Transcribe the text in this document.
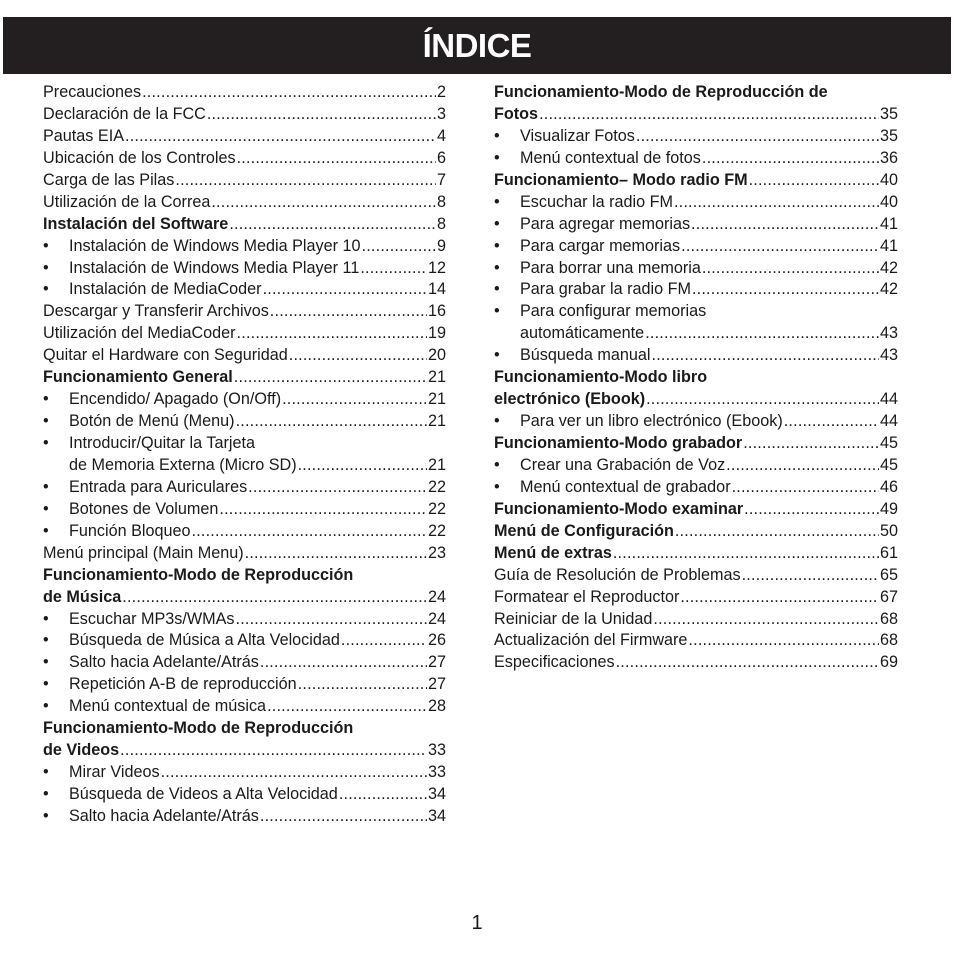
ÍNDICE
Precauciones .....	2
Declaración de la FCC .....	3
Pautas EIA .....	4
Ubicación de los Controles .....	6
Carga de las Pilas .....	7
Utilización de la Correa .....	8
Instalación del Software .....	8
• Instalación de Windows Media Player 10 .....	9
• Instalación de Windows Media Player 11 .....	12
• Instalación de MediaCoder .....	14
Descargar y Transferir Archivos .....	16
Utilización del MediaCoder .....	19
Quitar el Hardware con Seguridad .....	20
Funcionamiento General .....	21
• Encendido/ Apagado (On/Off) .....	21
• Botón de Menú (Menu) .....	21
• Introducir/Quitar la Tarjeta
de Memoria Externa (Micro SD) .....	21
• Entrada para Auriculares .....	22
• Botones de Volumen .....	22
• Función Bloqueo .....	22
Menú principal (Main Menu) .....	23
Funcionamiento-Modo de Reproducción
de Música .....	24
• Escuchar MP3s/WMAs .....	24
• Búsqueda de Música a Alta Velocidad .....	26
• Salto hacia Adelante/Atrás .....	27
• Repetición A-B de reproducción .....	27
• Menú contextual de música .....	28
Funcionamiento-Modo de Reproducción
de Videos .....	33
• Mirar Videos .....	33
• Búsqueda de Videos a Alta Velocidad .....	34
• Salto hacia Adelante/Atrás .....	34
Funcionamiento-Modo de Reproducción de
Fotos .....	35
• Visualizar Fotos .....	35
• Menú contextual de fotos .....	36
Funcionamiento– Modo radio FM .....	40
• Escuchar la radio FM .....	40
• Para agregar memorias .....	41
• Para cargar memorias .....	41
• Para borrar una memoria .....	42
• Para grabar la radio FM .....	42
• Para configurar memorias
automáticamente .....	43
• Búsqueda manual .....	43
Funcionamiento-Modo libro
electrónico (Ebook) .....	44
• Para ver un libro electrónico (Ebook) .....	44
Funcionamiento-Modo grabador .....	45
• Crear una Grabación de Voz .....	45
• Menú contextual de grabador .....	46
Funcionamiento-Modo examinar .....	49
Menú de Configuración .....	50
Menú de extras .....	61
Guía de Resolución de Problemas .....	65
Formatear el Reproductor .....	67
Reiniciar de la Unidad .....	68
Actualización del Firmware .....	68
Especificaciones .....	69
1
